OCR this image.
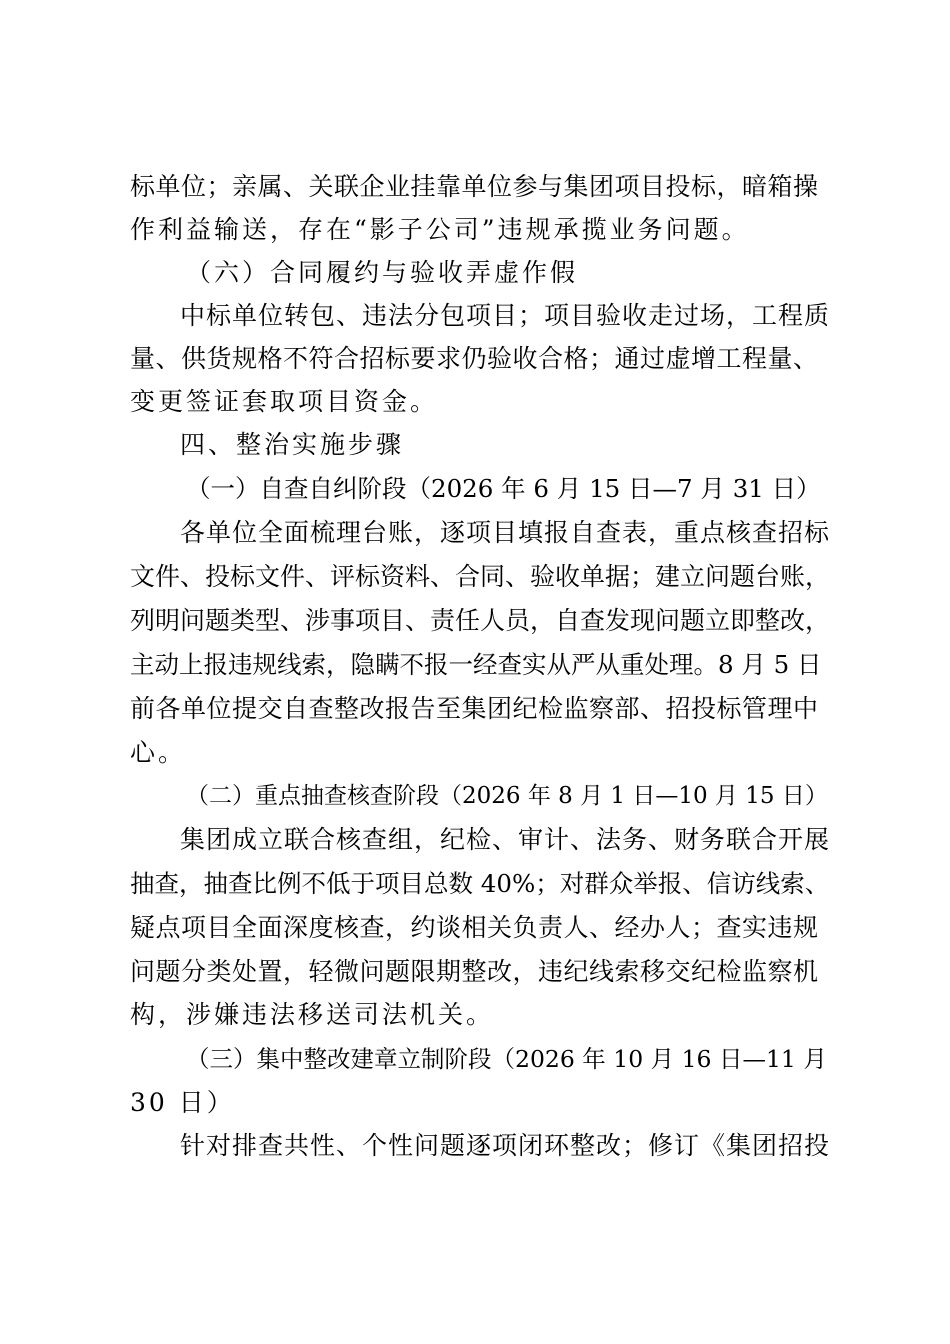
标单位；亲属、关联企业挂靠单位参与集团项目投标，暗箱操
作利益输送，存在“影子公司”违规承揽业务问题。
（六）合同履约与验收弄虚作假
中标单位转包、违法分包项目；项目验收走过场，工程质
量、供货规格不符合招标要求仍验收合格；通过虚增工程量、
变更签证套取项目资金。
四、整治实施步骤
（一）自查自纠阶段（2026 年 6 月 15 日—7 月 31 日）
各单位全面梳理台账，逐项目填报自查表，重点核查招标
文件、投标文件、评标资料、合同、验收单据；建立问题台账，
列明问题类型、涉事项目、责任人员，自查发现问题立即整改，
主动上报违规线索，隐瞒不报一经查实从严从重处理。8 月 5 日
前各单位提交自查整改报告至集团纪检监察部、招投标管理中
心。
（二）重点抽查核查阶段（2026 年 8 月 1 日—10 月 15 日）
集团成立联合核查组，纪检、审计、法务、财务联合开展
抽查，抽查比例不低于项目总数 40%；对群众举报、信访线索、
疑点项目全面深度核查，约谈相关负责人、经办人；查实违规
问题分类处置，轻微问题限期整改，违纪线索移交纪检监察机
构，涉嫌违法移送司法机关。
（三）集中整改建章立制阶段（2026 年 10 月 16 日—11 月
30 日）
针对排查共性、个性问题逐项闭环整改；修订《集团招投
